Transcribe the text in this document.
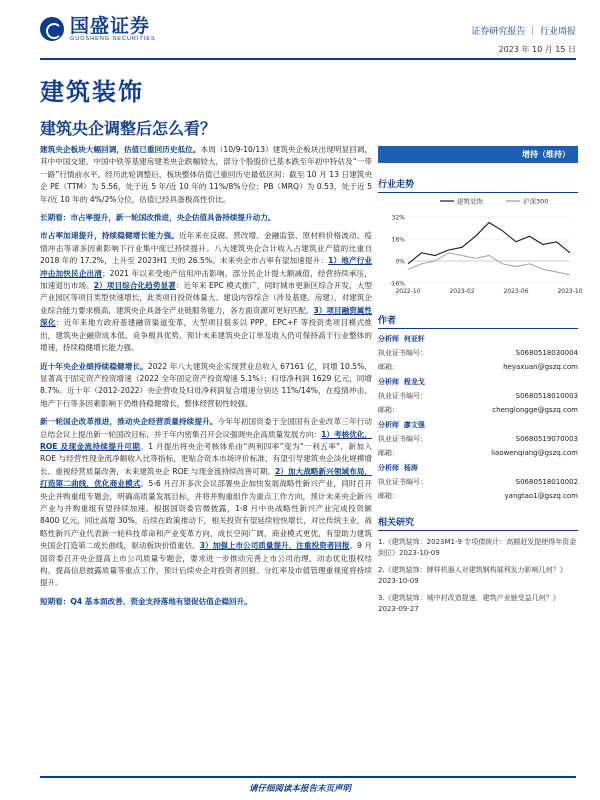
国盛证券
GUOSHENG SECURITIES
证券研究报告 ｜ 行业周报
2023 年 10 月 15 日
建筑装饰
建筑央企调整后怎么看？

建筑央企板块大幅回调，估值已重回历史低位。本周（10/9-10/13）建筑央企板块出现明显回调，其中中国交建、中国中铁等基建房建类央企跌幅较大，部分个股股价已基本跌至年初中特估及“一带一路”行情前水平。经历此轮调整后，板块整体估值已重回历史最低区间：截至 10 月 13 日建筑央企 PE（TTM）为 5.56，处于近 5 年/近 10 年的 11%/8%分位；PB（MRQ）为 0.53，处于近 5 年/近 10 年的 4%/2%分位，估值已经具备极高性价比。

长期看：市占率提升，新一轮国改推进，央企估值具备持续提升动力。

市占率加速提升，持续稳健增长能力强。近年来在反腐、营改增、金融监管、原材料价格波动、疫情冲击等诸多因素影响下行业集中度已持续提升。八大建筑央企合计收入占建筑业产值的比重自 2018 年的 17.2%，上升至 2023H1 天的 26.5%。未来央企市占率有望加速提升：1）地产行业冲击加快民企出清；2021 年以来受地产信用冲击影响，部分民企计提大额减值，经营持续承压，加速退出市场。2）项目综合化趋势显著：近年来 EPC 模式推广，同时城市更新区综合开发、大型产业园区等项目类型快速增长，此类项目投资体量大、建设内容综合（涉及基建、房建），对建筑企业综合能力要求极高，建筑央企具备全产业链服务能力，各方面资源可更好匹配。3）项目融资属性深化：近年来地方政府基建融资渠道变革，大型项目很多以 PPP、EPC+F 等投资类项目模式推出，建筑央企融资成本低、竞争极具优势。预计未来建筑央企订单及收入仍可保持高于行业整体的增速，持续稳健增长能力强。

近十年央企业绩持续稳健增长。2022 年八大建筑央企实现营业总收入 67161 亿，同增 10.5%，显著高于固定资产投资增速（2022 全年固定资产投资增速 5.1%）；归母净利润 1629 亿元，同增 8.7%。近十年（2012-2022）央企营收及归母净利润复合增速分别达 11%/14%，在疫情冲击、地产下行等多因素影响下仍维持稳健增长，整体经营韧性较强。

新一轮国企改革推进，推动央企经营质量持续提升。今年年初国资委于全国国有企业改革三年行动总结会议上提出新一轮国改目标，并于年内密集召开会议强调央企高质量发展方向：1）考核优化，ROE 及现金流持续提升可期。1 月提出将央企考核体系由“两利四率”变为“一利五率”，新加入 ROE 与经营性现金流净额收入比等指标，更贴合资本市场评价标准，有望引导建筑央企淡化规模增长、重视经营质量改善，未来建筑央企 ROE 与现金流持续改善可期。2）加大战略新兴领域布局，打造第二曲线，优化商业模式。5-6 月召开多次会议部署央企加快发展战略性新兴产业，同时召开央企并购重组专题会，明确高质量发展目标，并将并购重组作为重点工作方向，预计未来央企新兴产业与并购重组有望持续加速。根据国资委官微披露，1-8 月中央战略性新兴产业完成投资额 8400 亿元，同比高增 30%，后续在政策推动下，相关投资有望延续较快增长，对比传统主业，战略性新兴产业代表新一轮科技革命和产业变革方向，成长空间广阔，商业模式更优，有望助力建筑央国企打造第二成长曲线，驱动板块价值重估。3）加强上市公司质量提升，注重投资者回报。9 月国资委召开央企提高上市公司质量专题会，要求进一步推动完善上市公司治理、动态优化股权结构、提高信息披露质量等重点工作，预计后续央企对投资者回报、分红率及市值管理重视度将持续提升。

短期看：Q4 基本面改善、资金支持落地有望促估值企稳回升。

增持（维持）
行业走势
32%
16%
0%
-16%
2022-10	2023-02	2023-06	2023-10
建筑装饰	沪深300
作者
分析师 何亚轩
执业证书编号：	S0680518030004
邮箱：	heyaxuan@gszq.com
分析师 程龙戈
执业证书编号：	S0680518010003
邮箱：	chenglongge@gszq.com
分析师 廖文强
执业证书编号：	S0680519070003
邮箱：	liaowenqiang@gszq.com
分析师 杨涛
执业证书编号：	S0680518010002
邮箱：	yangtao1@gszq.com
相关研究
1.《建筑装饰：2023M1-9 专项债统计：高额赶发提使得年资金到位》2023-10-09
2.《建筑装饰：牌样机器人对建筑钢构展利发力影响几何？》2023-10-09
3.《建筑装饰：城中村改造提速，建筑产业链受益几何？》2023-09-27
请仔细阅读本报告末页声明
